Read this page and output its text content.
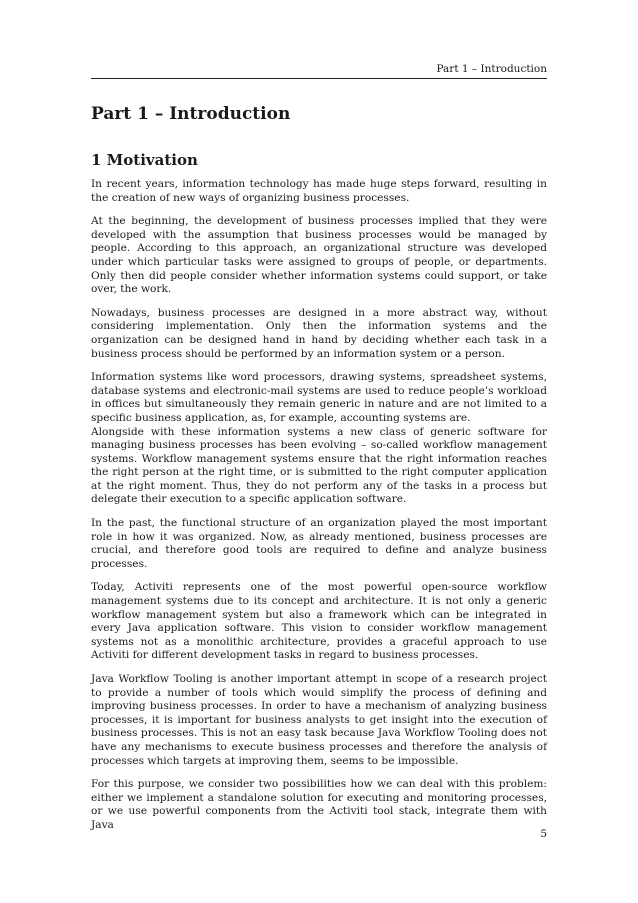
Part 1 – Introduction
Part 1 – Introduction
1 Motivation

In recent years, information technology has made huge steps forward, resulting in the creation of new ways of organizing business processes.

At the beginning, the development of business processes implied that they were developed with the assumption that business processes would be managed by people. According to this approach, an organizational structure was developed under which particular tasks were assigned to groups of people, or departments. Only then did people consider whether information systems could support, or take over, the work.

Nowadays, business processes are designed in a more abstract way, without considering implementation. Only then the information systems and the organization can be designed hand in hand by deciding whether each task in a business process should be performed by an information system or a person.

Information systems like word processors, drawing systems, spreadsheet systems, database systems and electronic-mail systems are used to reduce people’s workload in offices but simultaneously they remain generic in nature and are not limited to a specific business application, as, for example, accounting systems are.

Alongside with these information systems a new class of generic software for managing business processes has been evolving – so-called workflow management systems. Workflow management systems ensure that the right information reaches the right person at the right time, or is submitted to the right computer application at the right moment. Thus, they do not perform any of the tasks in a process but delegate their execution to a specific application software.

In the past, the functional structure of an organization played the most important role in how it was organized. Now, as already mentioned, business processes are crucial, and therefore good tools are required to define and analyze business processes.

Today, Activiti represents one of the most powerful open-source workflow management systems due to its concept and architecture. It is not only a generic workflow management system but also a framework which can be integrated in every Java application software. This vision to consider workflow management systems not as a monolithic architecture, provides a graceful approach to use Activiti for different development tasks in regard to business processes.

Java Workflow Tooling is another important attempt in scope of a research project to provide a number of tools which would simplify the process of defining and improving business processes. In order to have a mechanism of analyzing business processes, it is important for business analysts to get insight into the execution of business processes. This is not an easy task because Java Workflow Tooling does not have any mechanisms to execute business processes and therefore the analysis of processes which targets at improving them, seems to be impossible.

For this purpose, we consider two possibilities how we can deal with this problem: either we implement a standalone solution for executing and monitoring processes, or we use powerful components from the Activiti tool stack, integrate them with Java

5
